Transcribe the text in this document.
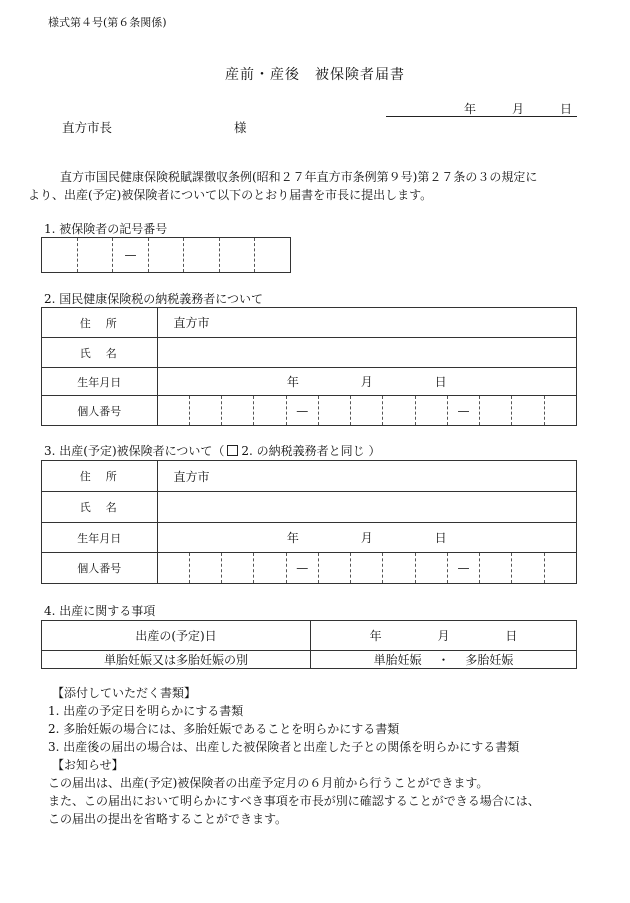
様式第４号(第６条関係)
産前・産後　被保険者届書
年	月	日
直方市長	様
直方市国民健康保険税賦課徴収条例(昭和２７年直方市条例第９号)第２７条の３の規定に
より、出産(予定)被保険者について以下のとおり届書を市長に提出します。
1. 被保険者の記号番号
		—				
2. 国民健康保険税の納税義務者について
住　所	直方市												
氏　名													
生年月日	年 月 日												
個人番号					—					—			
3. 出産(予定)被保険者について（ 2. の納税義務者と同じ ）
住　所	直方市												
氏　名													
生年月日	年 月 日												
個人番号					—					—			
4. 出産に関する事項
出産の(予定)日	年 月 日
単胎妊娠又は多胎妊娠の別	単胎妊娠 ・ 多胎妊娠
【添付していただく書類】
1. 出産の予定日を明らかにする書類
2. 多胎妊娠の場合には、多胎妊娠であることを明らかにする書類
3. 出産後の届出の場合は、出産した被保険者と出産した子との関係を明らかにする書類
【お知らせ】
この届出は、出産(予定)被保険者の出産予定月の６月前から行うことができます。
また、この届出において明らかにすべき事項を市長が別に確認することができる場合には、
この届出の提出を省略することができます。
